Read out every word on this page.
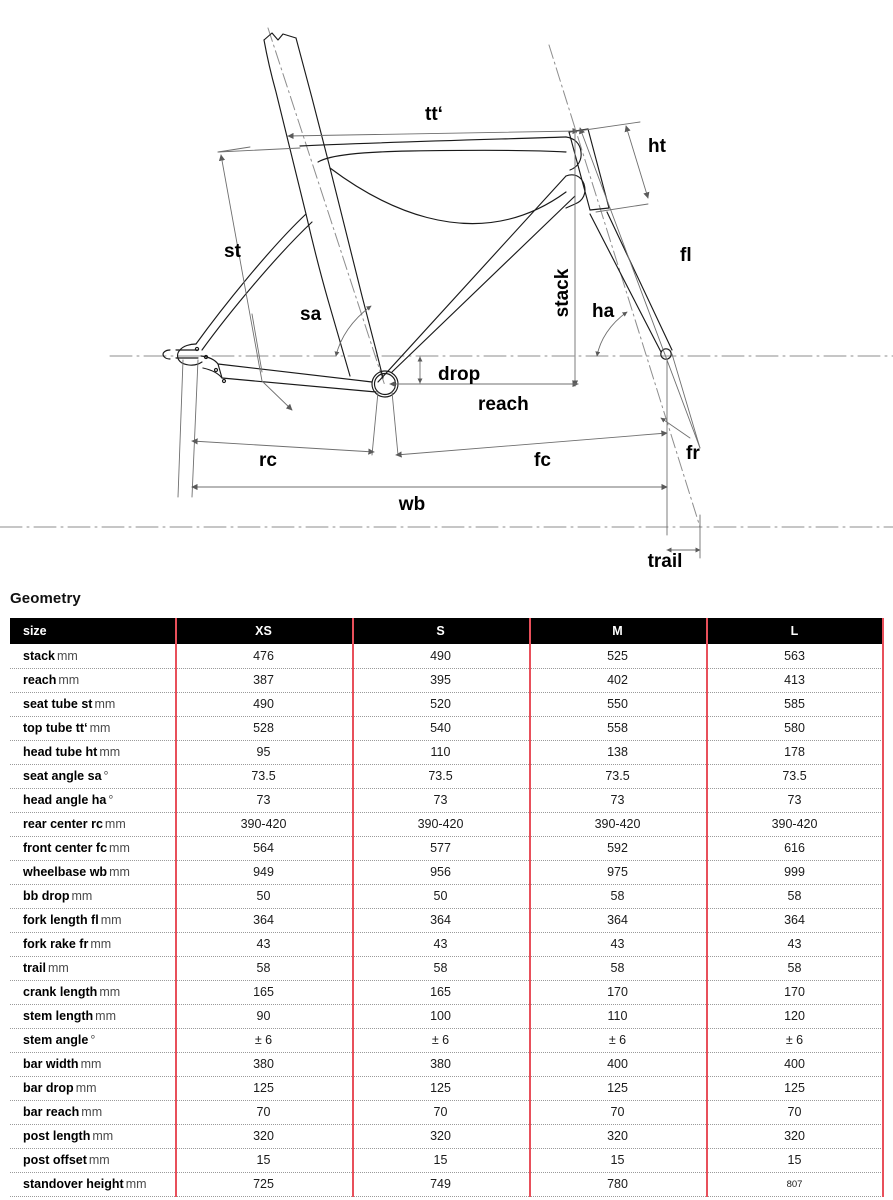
tt‘
ht
st	fl
stack
sa	ha
drop
reach
rc	fc	fr
wb
trail
Geometry
size	XS	S	M	L
stack mm	476	490	525	563
reach mm	387	395	402	413
seat tube st mm	490	520	550	585
top tube tt‘ mm	528	540	558	580
head tube ht mm	95	110	138	178
seat angle sa °	73.5	73.5	73.5	73.5
head angle ha °	73	73	73	73
rear center rc mm	390-420	390-420	390-420	390-420
front center fc mm	564	577	592	616
wheelbase wb mm	949	956	975	999
bb drop mm	50	50	58	58
fork length fl mm	364	364	364	364
fork rake fr mm	43	43	43	43
trail mm	58	58	58	58
crank length mm	165	165	170	170
stem length mm	90	100	110	120
stem angle °	± 6	± 6	± 6	± 6
bar width mm	380	380	400	400
bar drop mm	125	125	125	125
bar reach mm	70	70	70	70
post length mm	320	320	320	320
post offset mm	15	15	15	15
standover height mm	725	749	780	807
